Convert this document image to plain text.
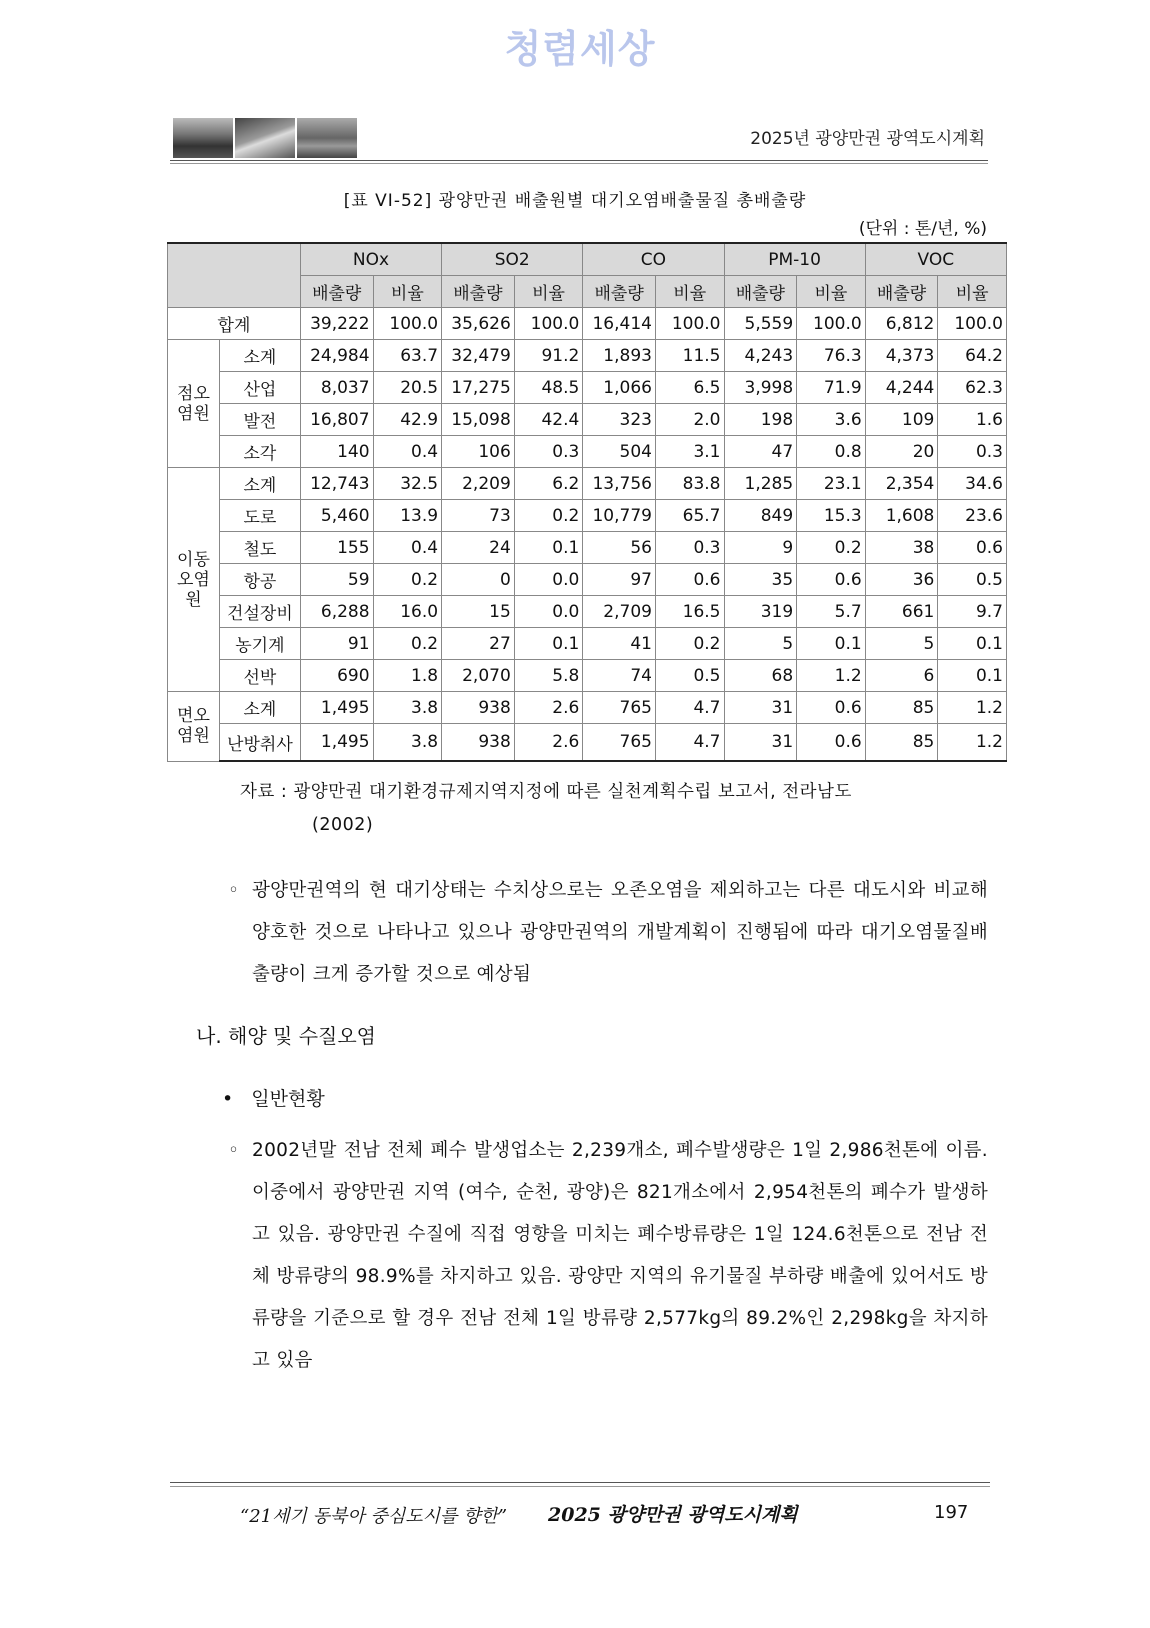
청렴세상
2025년 광양만권 광역도시계획
[표 VI-52] 광양만권 배출원별 대기오염배출물질 총배출량
(단위 : 톤/년, %)
		NOx		SO2		CO		PM-10		VOC	
		배출량	비율	배출량	비율	배출량	비율	배출량	비율	배출량	비율
합계		39,222	100.0	35,626	100.0	16,414	100.0	5,559	100.0	6,812	100.0
점오
염원	소계	24,984	63.7	32,479	91.2	1,893	11.5	4,243	76.3	4,373	64.2
	산업	8,037	20.5	17,275	48.5	1,066	6.5	3,998	71.9	4,244	62.3
	발전	16,807	42.9	15,098	42.4	323	2.0	198	3.6	109	1.6
	소각	140	0.4	106	0.3	504	3.1	47	0.8	20	0.3
이동
오염
원	소계	12,743	32.5	2,209	6.2	13,756	83.8	1,285	23.1	2,354	34.6
	도로	5,460	13.9	73	0.2	10,779	65.7	849	15.3	1,608	23.6
	철도	155	0.4	24	0.1	56	0.3	9	0.2	38	0.6
	항공	59	0.2	0	0.0	97	0.6	35	0.6	36	0.5
	건설장비	6,288	16.0	15	0.0	2,709	16.5	319	5.7	661	9.7
	농기계	91	0.2	27	0.1	41	0.2	5	0.1	5	0.1
	선박	690	1.8	2,070	5.8	74	0.5	68	1.2	6	0.1
면오
염원	소계	1,495	3.8	938	2.6	765	4.7	31	0.6	85	1.2
	난방취사	1,495	3.8	938	2.6	765	4.7	31	0.6	85	1.2
자료 : 광양만권 대기환경규제지역지정에 따른 실천계획수립 보고서, 전라남도
(2002)
◦ 광양만권역의 현 대기상태는 수치상으로는 오존오염을 제외하고는 다른 대도시와 비교해 양호한 것으로 나타나고 있으나 광양만권역의 개발계획이 진행됨에 따라 대기오염물질배출량이 크게 증가할 것으로 예상됨
나. 해양 및 수질오염
• 일반현황
◦ 2002년말 전남 전체 폐수 발생업소는 2,239개소, 폐수발생량은 1일 2,986천톤에 이름. 이중에서 광양만권 지역 (여수, 순천, 광양)은 821개소에서 2,954천톤의 폐수가 발생하고 있음. 광양만권 수질에 직접 영향을 미치는 폐수방류량은 1일 124.6천톤으로 전남 전체 방류량의 98.9%를 차지하고 있음. 광양만 지역의 유기물질 부하량 배출에 있어서도 방류량을 기준으로 할 경우 전남 전체 1일 방류량 2,577kg의 89.2%인 2,298kg을 차지하고 있음
“21세기 동북아 중심도시를 향한” 2025 광양만권 광역도시계획	197
